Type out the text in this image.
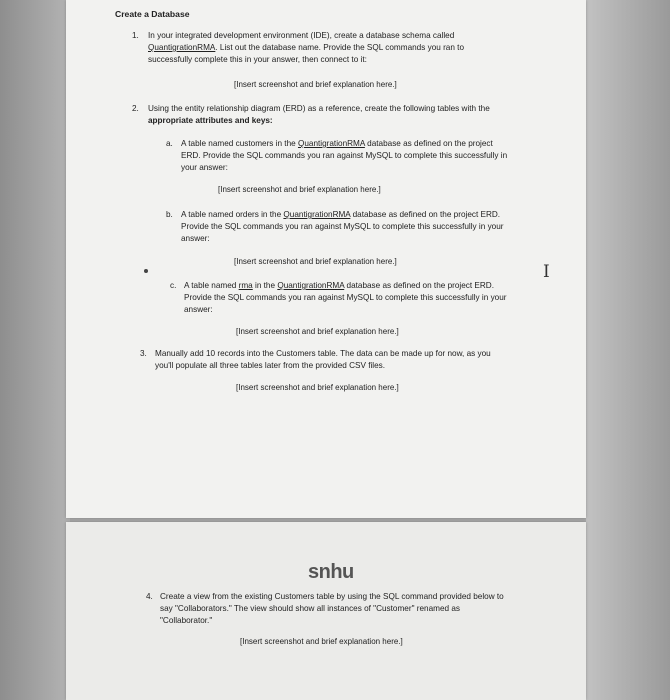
Create a Database
1. In your integrated development environment (IDE), create a database schema called
QuantigrationRMA. List out the database name. Provide the SQL commands you ran to
successfully complete this in your answer, then connect to it:
[Insert screenshot and brief explanation here.]
2. Using the entity relationship diagram (ERD) as a reference, create the following tables with the
appropriate attributes and keys:
a. A table named customers in the QuantigrationRMA database as defined on the project
ERD. Provide the SQL commands you ran against MySQL to complete this successfully in
your answer:
[Insert screenshot and brief explanation here.]
b. A table named orders in the QuantigrationRMA database as defined on the project ERD.
Provide the SQL commands you ran against MySQL to complete this successfully in your
answer:
[Insert screenshot and brief explanation here.]
c. A table named rma in the QuantigrationRMA database as defined on the project ERD.
Provide the SQL commands you ran against MySQL to complete this successfully in your
answer:
[Insert screenshot and brief explanation here.]
3. Manually add 10 records into the Customers table. The data can be made up for now, as you
you'll populate all three tables later from the provided CSV files.
[Insert screenshot and brief explanation here.]
I
snhu
4. Create a view from the existing Customers table by using the SQL command provided below to
say "Collaborators." The view should show all instances of "Customer" renamed as
"Collaborator."
[Insert screenshot and brief explanation here.]
